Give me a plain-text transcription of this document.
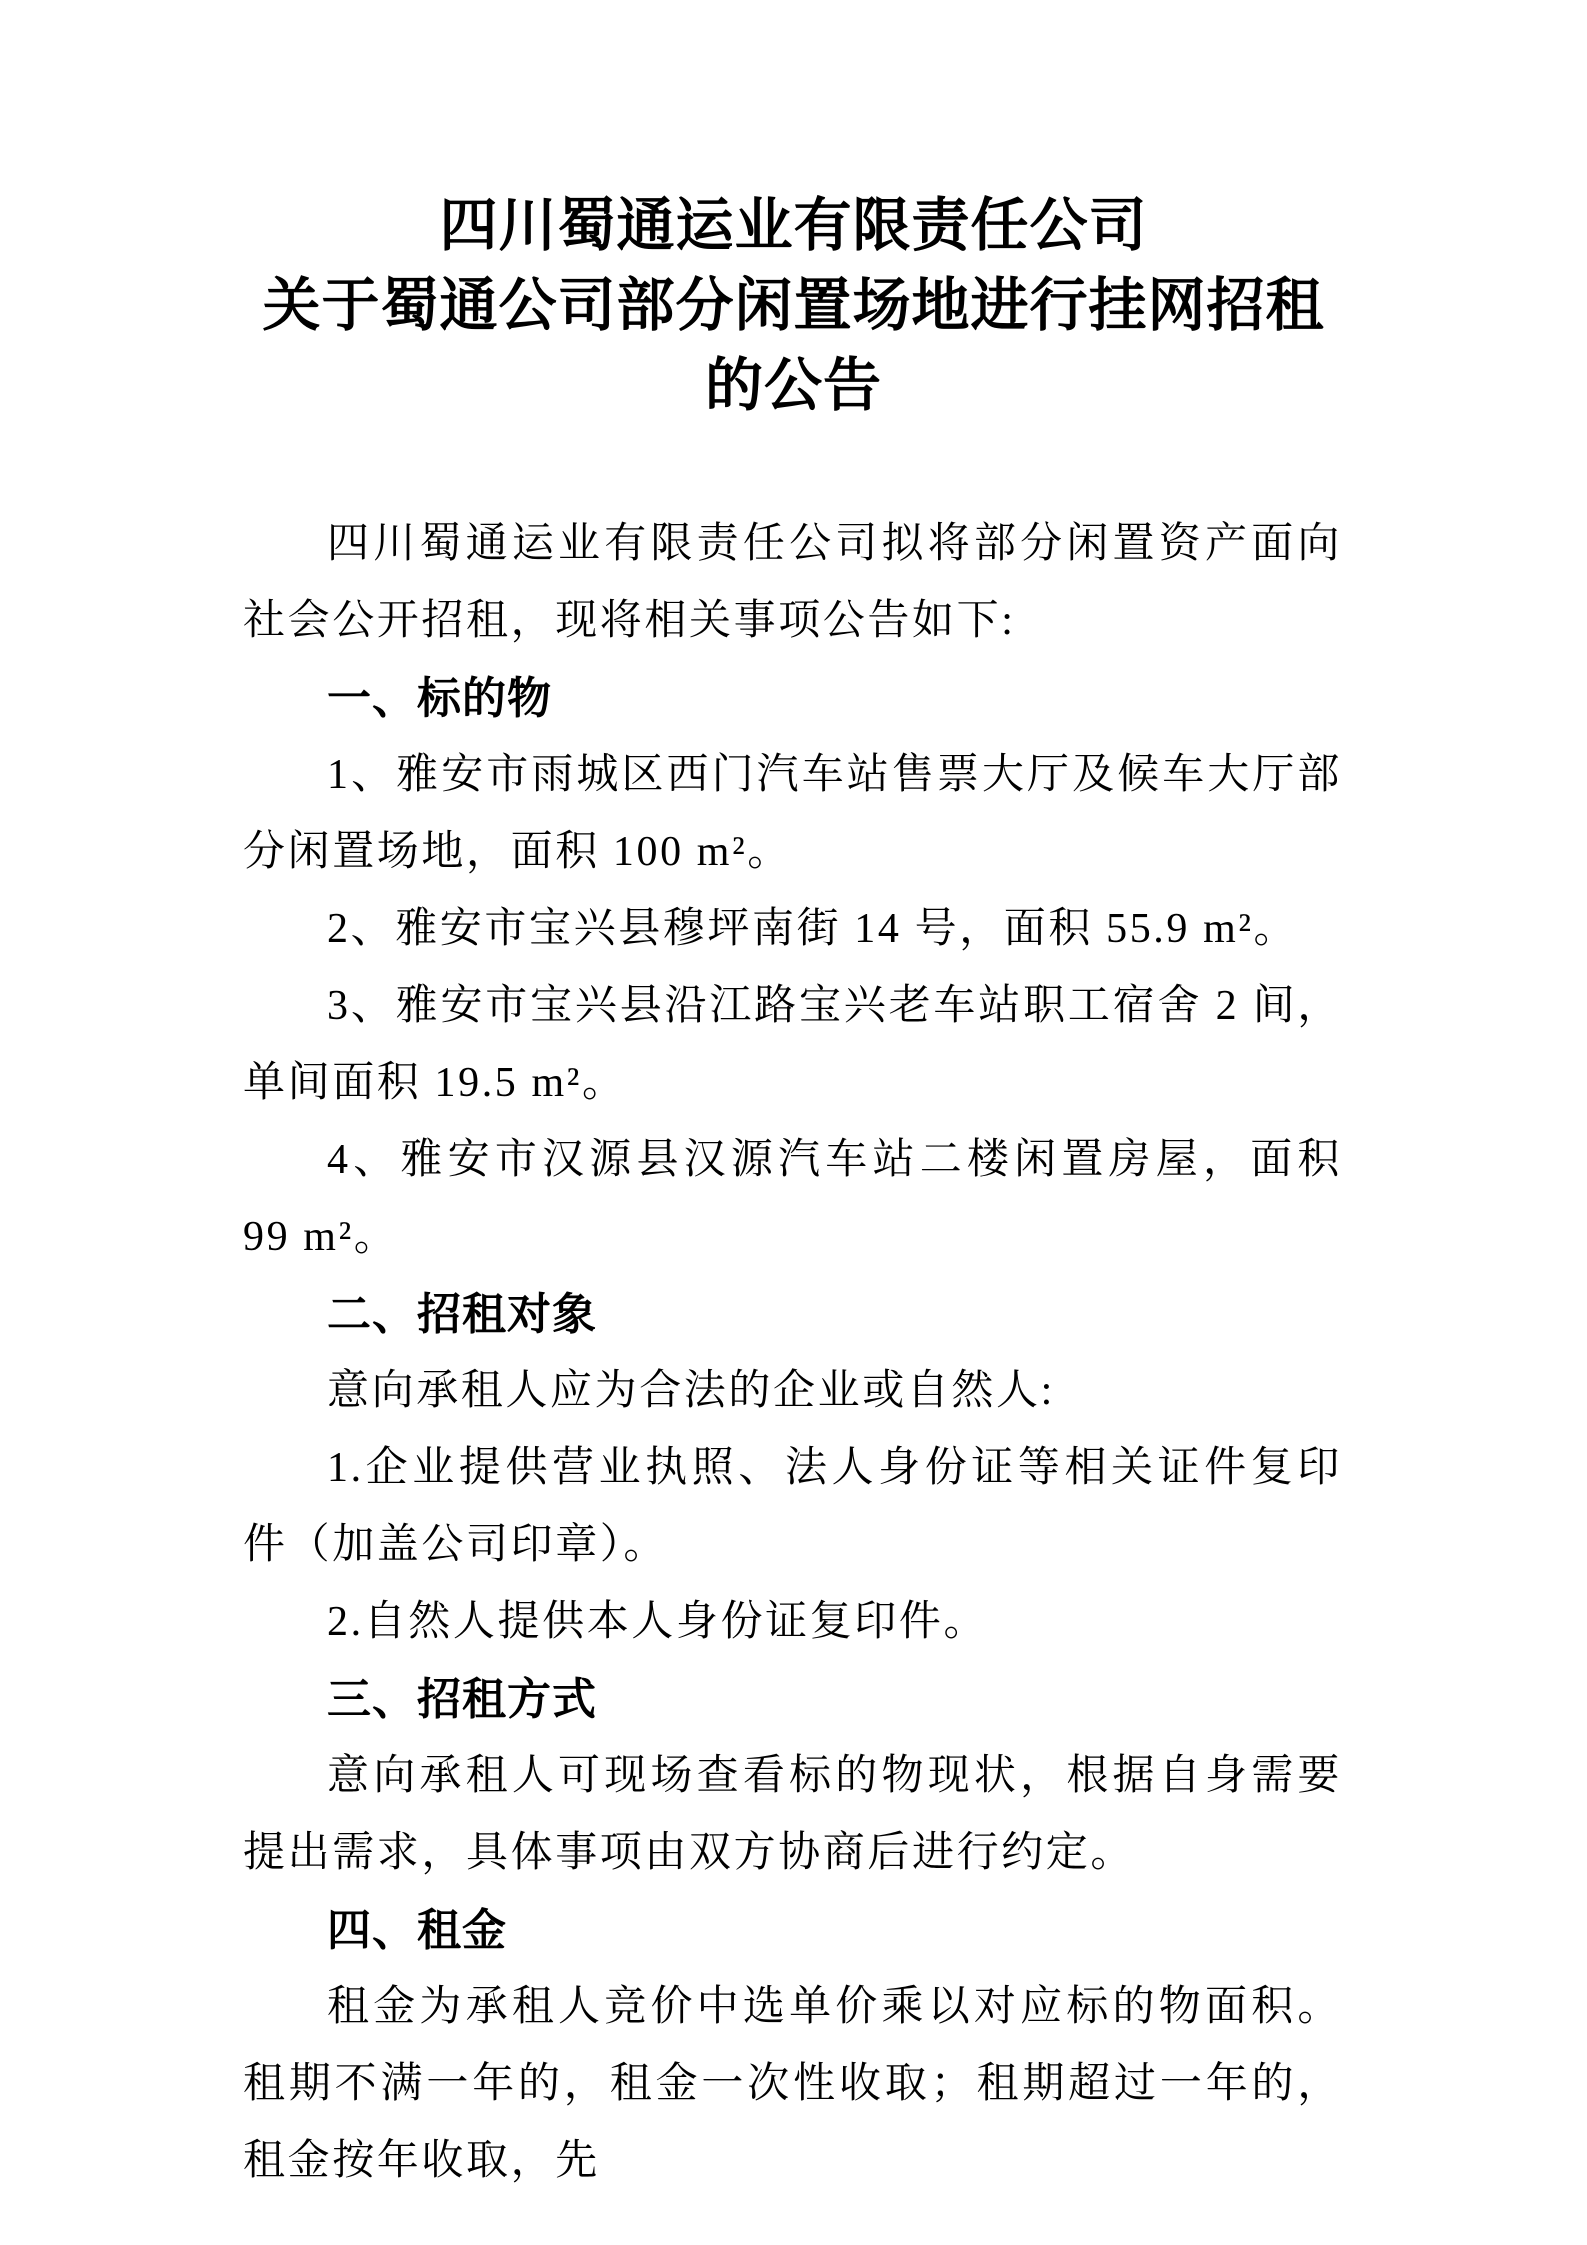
四川蜀通运业有限责任公司
关于蜀通公司部分闲置场地进行挂网招租
的公告

四川蜀通运业有限责任公司拟将部分闲置资产面向社会公开招租，现将相关事项公告如下:

一、标的物

1、雅安市雨城区西门汽车站售票大厅及候车大厅部分闲置场地，面积 100 m²。

2、雅安市宝兴县穆坪南街 14 号，面积 55.9 m²。

3、雅安市宝兴县沿江路宝兴老车站职工宿舍 2 间，单间面积 19.5 m²。

4、雅安市汉源县汉源汽车站二楼闲置房屋，面积 99 m²。

二、招租对象

意向承租人应为合法的企业或自然人:

1.企业提供营业执照、法人身份证等相关证件复印件（加盖公司印章）。

2.自然人提供本人身份证复印件。

三、招租方式

意向承租人可现场查看标的物现状，根据自身需要提出需求，具体事项由双方协商后进行约定。

四、租金

租金为承租人竞价中选单价乘以对应标的物面积。租期不满一年的，租金一次性收取；租期超过一年的，租金按年收取，先
